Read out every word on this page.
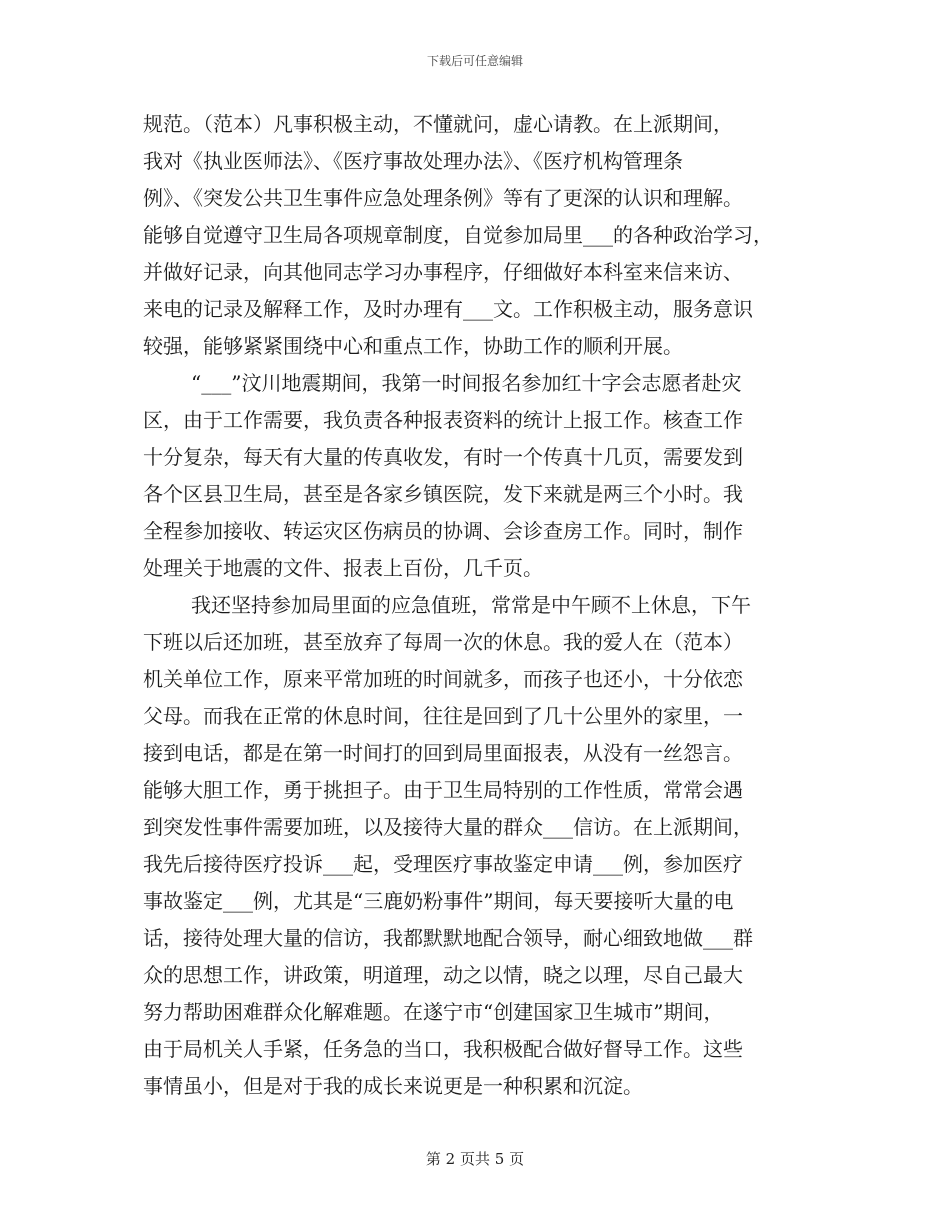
下载后可任意编辑
规范。（范本）凡事积极主动，不懂就问，虚心请教。在上派期间，
我对《执业医师法》、《医疗事故处理办法》、《医疗机构管理条
例》、《突发公共卫生事件应急处理条例》等有了更深的认识和理解。
能够自觉遵守卫生局各项规章制度，自觉参加局里___的各种政治学习，
并做好记录，向其他同志学习办事程序，仔细做好本科室来信来访、
来电的记录及解释工作，及时办理有___文。工作积极主动，服务意识
较强，能够紧紧围绕中心和重点工作，协助工作的顺利开展。
“___”汶川地震期间，我第一时间报名参加红十字会志愿者赴灾
区，由于工作需要，我负责各种报表资料的统计上报工作。核查工作
十分复杂，每天有大量的传真收发，有时一个传真十几页，需要发到
各个区县卫生局，甚至是各家乡镇医院，发下来就是两三个小时。我
全程参加接收、转运灾区伤病员的协调、会诊查房工作。同时，制作
处理关于地震的文件、报表上百份，几千页。
我还坚持参加局里面的应急值班，常常是中午顾不上休息，下午
下班以后还加班，甚至放弃了每周一次的休息。我的爱人在（范本）
机关单位工作，原来平常加班的时间就多，而孩子也还小，十分依恋
父母。而我在正常的休息时间，往往是回到了几十公里外的家里，一
接到电话，都是在第一时间打的回到局里面报表，从没有一丝怨言。
能够大胆工作，勇于挑担子。由于卫生局特别的工作性质，常常会遇
到突发性事件需要加班，以及接待大量的群众___信访。在上派期间，
我先后接待医疗投诉___起，受理医疗事故鉴定申请___例，参加医疗
事故鉴定___例，尤其是“三鹿奶粉事件”期间，每天要接听大量的电
话，接待处理大量的信访，我都默默地配合领导，耐心细致地做___群
众的思想工作，讲政策，明道理，动之以情，晓之以理，尽自己最大
努力帮助困难群众化解难题。在遂宁市“创建国家卫生城市”期间，
由于局机关人手紧，任务急的当口，我积极配合做好督导工作。这些
事情虽小，但是对于我的成长来说更是一种积累和沉淀。
第 2 页共 5 页
